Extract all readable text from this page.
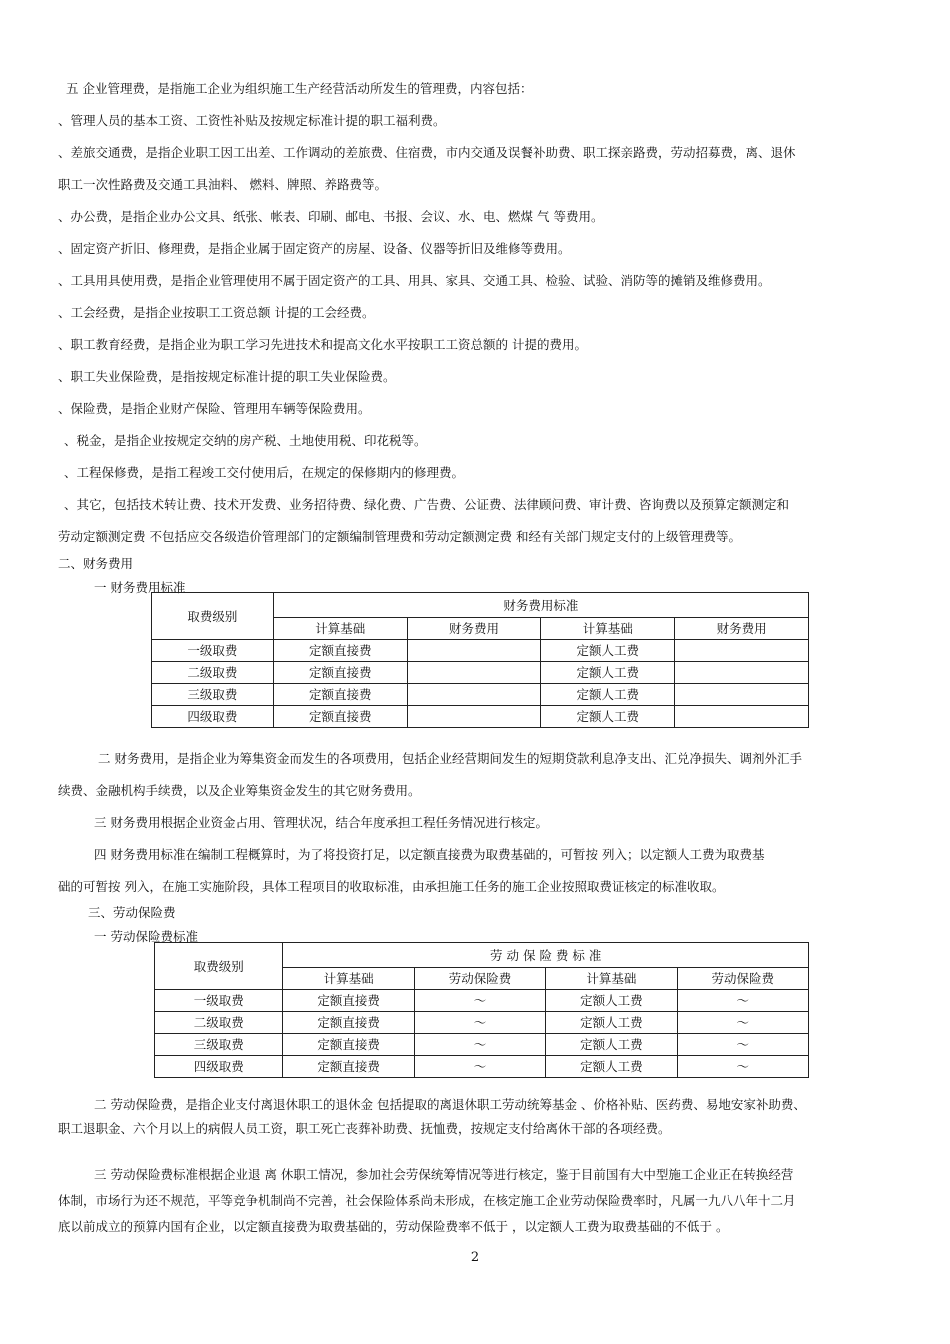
五 企业管理费，是指施工企业为组织施工生产经营活动所发生的管理费，内容包括：
、管理人员的基本工资、工资性补贴及按规定标准计提的职工福利费。
、差旅交通费，是指企业职工因工出差、工作调动的差旅费、住宿费，市内交通及误餐补助费、职工探亲路费，劳动招募费，离、退休
职工一次性路费及交通工具油料、 燃料、牌照、养路费等。
、办公费，是指企业办公文具、纸张、帐表、印刷、邮电、书报、会议、水、电、燃煤 气 等费用。
、固定资产折旧、修理费，是指企业属于固定资产的房屋、设备、仪器等折旧及维修等费用。
、工具用具使用费，是指企业管理使用不属于固定资产的工具、用具、家具、交通工具、检验、试验、消防等的摊销及维修费用。
、工会经费，是指企业按职工工资总额 计提的工会经费。
、职工教育经费，是指企业为职工学习先进技术和提高文化水平按职工工资总额的 计提的费用。
、职工失业保险费，是指按规定标准计提的职工失业保险费。
、保险费，是指企业财产保险、管理用车辆等保险费用。
、税金，是指企业按规定交纳的房产税、土地使用税、印花税等。
、工程保修费，是指工程竣工交付使用后，在规定的保修期内的修理费。
、其它，包括技术转让费、技术开发费、业务招待费、绿化费、广告费、公证费、法律顾问费、审计费、咨询费以及预算定额测定和
劳动定额测定费 不包括应交各级造价管理部门的定额编制管理费和劳动定额测定费 和经有关部门规定支付的上级管理费等。
二、财务费用
一 财务费用标准
取费级别	财务费用标准			
	计算基础	财务费用	计算基础	财务费用
一级取费	定额直接费		定额人工费	
二级取费	定额直接费		定额人工费	
三级取费	定额直接费		定额人工费	
四级取费	定额直接费		定额人工费	
二 财务费用，是指企业为筹集资金而发生的各项费用，包括企业经营期间发生的短期贷款利息净支出、汇兑净损失、调剂外汇手
续费、金融机构手续费，以及企业筹集资金发生的其它财务费用。
三 财务费用根据企业资金占用、管理状况，结合年度承担工程任务情况进行核定。
四 财务费用标准在编制工程概算时，为了将投资打足，以定额直接费为取费基础的，可暂按 列入；以定额人工费为取费基
础的可暂按 列入，在施工实施阶段，具体工程项目的收取标准，由承担施工任务的施工企业按照取费证核定的标准收取。
三、劳动保险费
一 劳动保险费标准
取费级别	劳 动 保 险 费 标 准			
	计算基础	劳动保险费	计算基础	劳动保险费
一级取费	定额直接费	～	定额人工费	～
二级取费	定额直接费	～	定额人工费	～
三级取费	定额直接费	～	定额人工费	～
四级取费	定额直接费	～	定额人工费	～
二 劳动保险费，是指企业支付离退休职工的退休金 包括提取的离退休职工劳动统筹基金 、价格补贴、医药费、易地安家补助费、
职工退职金、六个月以上的病假人员工资，职工死亡丧葬补助费、抚恤费，按规定支付给离休干部的各项经费。
三 劳动保险费标准根据企业退 离 休职工情况，参加社会劳保统筹情况等进行核定，鉴于目前国有大中型施工企业正在转换经营
体制，市场行为还不规范，平等竞争机制尚不完善，社会保险体系尚未形成，在核定施工企业劳动保险费率时，凡属一九八八年十二月
底以前成立的预算内国有企业，以定额直接费为取费基础的，劳动保险费率不低于 ，以定额人工费为取费基础的不低于 。
2
